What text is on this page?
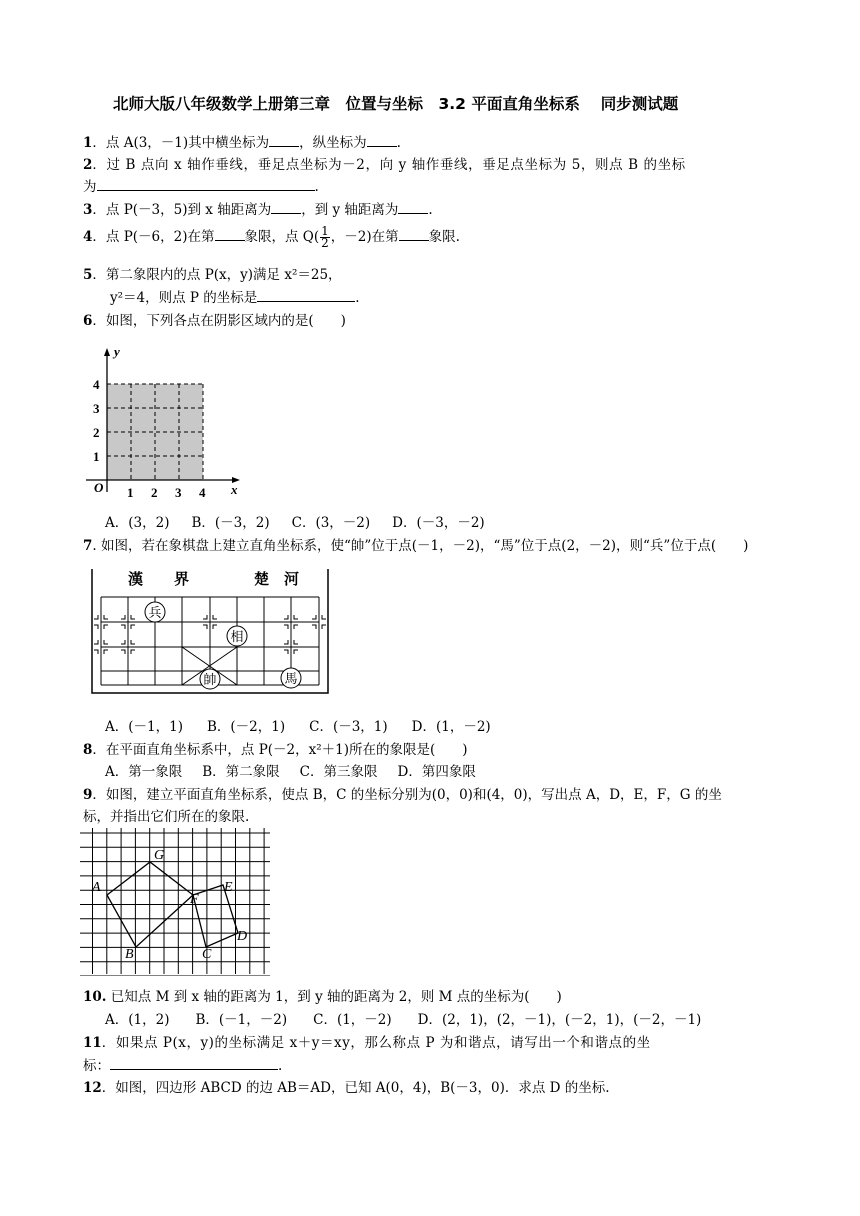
北师大版八年级数学上册第三章　位置与坐标　3.2 平面直角坐标系　 同步测试题
1．点 A(3，－1)其中横坐标为 ，纵坐标为 .
2．过 B 点向 x 轴作垂线，垂足点坐标为－2，向 y 轴作垂线，垂足点坐标为 5，则点 B 的坐标
为	.
3．点 P(－3，5)到 x 轴距离为 ，到 y 轴距离为 .
4．点 P(－6，2)在第 象限，点 $Q( \frac{1}{2}$ ，－2)在第 象限.
5．第二象限内的点 P(x，y)满足 x²＝25，
y²＝4，则点 P 的坐标是	.
6．如图，下列各点在阴影区域内的是(　　)
y
x
O 1 2 3 4
1
2
3
4
A．(3，2) B．(－3，2) C．(3，－2) D．(－3，－2)
7. 如图，若在象棋盘上建立直角坐标系，使“帥”位于点(－1，－2)，“馬”位于点(2，－2)，则“兵”位于点(　　)
漢 界	楚 河
兵
相
帥	馬
A．(－1，1) B．(－2，1) C．(－3，1) D．(1，－2)
8．在平面直角坐标系中，点 P(－2，x²＋1)所在的象限是(　　)
A．第一象限 B．第二象限 C．第三象限 D．第四象限
9．如图，建立平面直角坐标系，使点 B，C 的坐标分别为(0，0)和(4，0)，写出点 A，D，E，F，G 的坐
标，并指出它们所在的象限.
G
A
F
E
D
B	C
10. 已知点 M 到 x 轴的距离为 1，到 y 轴的距离为 2，则 M 点的坐标为(　　)
A．(1，2) B．(－1，－2) C．(1，－2) D．(2，1)，(2，－1)，(－2，1)，(－2，－1)
11．如果点 P(x，y)的坐标满足 x＋y＝xy，那么称点 P 为和谐点，请写出一个和谐点的坐
标：	.
12．如图，四边形 ABCD 的边 AB＝AD，已知 A(0，4)，B(－3，0)．求点 D 的坐标.
